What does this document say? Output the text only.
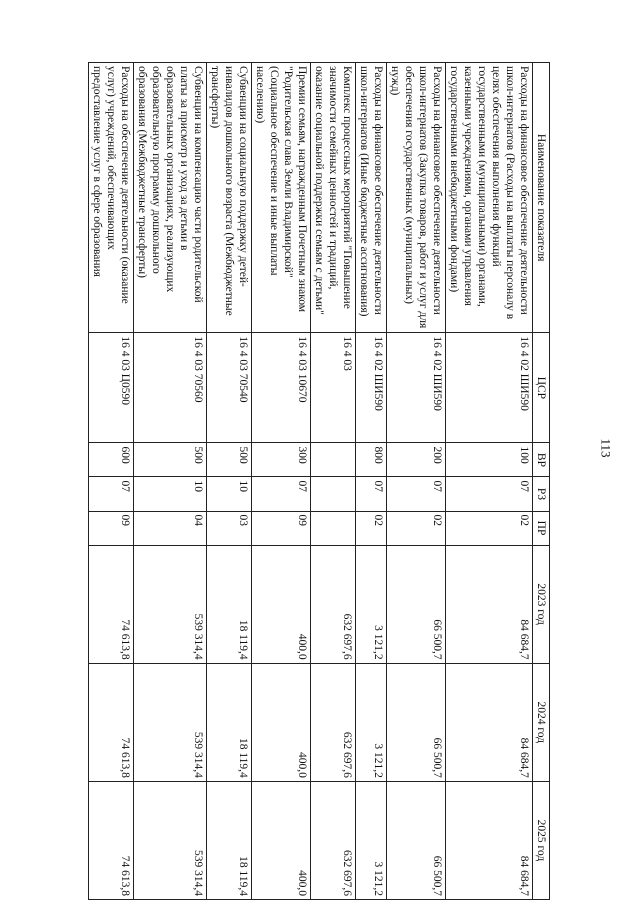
113
Наименование показателя	ЦСР	ВР	РЗ	ПР	2023 год	2024 год	2025 год
Расходы на финансовое обеспечение деятельности школ-интернатов (Расходы на выплаты персоналу в целях обеспечения выполнения функций государственными (муниципальными) органами, казенными учреждениями, органами управления государственными внебюджетными фондами)	16 4 02 ШИ590	100	07	02	84 684,7	84 684,7	84 684,7
Расходы на финансовое обеспечение деятельности школ-интернатов (Закупка товаров, работ и услуг для обеспечения государственных (муниципальных) нужд)	16 4 02 ШИ590	200	07	02	66 500,7	66 500,7	66 500,7
Расходы на финансовое обеспечение деятельности школ-интернатов (Иные бюджетные ассигнования)	16 4 02 ШИ590	800	07	02	3 121,2	3 121,2	3 121,2
Комплекс процессных мероприятий "Повышение значимости семейных ценностей и традиций, оказание социальной поддержки семьям с детьми"	16 4 03				632 697,6	632 697,6	632 697,6
Премии семьям, награжденным Почетным знаком "Родительская слава Земли Владимирской" (Социальное обеспечение и иные выплаты населению)	16 4 03 10670	300	07	09	400,0	400,0	400,0
Субвенции на социальную поддержку детей-инвалидов дошкольного возраста (Межбюджетные трансферты)	16 4 03 70540	500	10	03	18 119,4	18 119,4	18 119,4
Субвенции на компенсацию части родительской платы за присмотр и уход за детьми в образовательных организациях, реализующих образовательную программу дошкольного образования (Межбюджетные трансферты)	16 4 03 70560	500	10	04	539 314,4	539 314,4	539 314,4
Расходы на обеспечение деятельности (оказание услуг) учреждений, обеспечивающих предоставление услуг в сфере образования	16 4 03 Ц0590	600	07	09	74 613,8	74 613,8	74 613,8
